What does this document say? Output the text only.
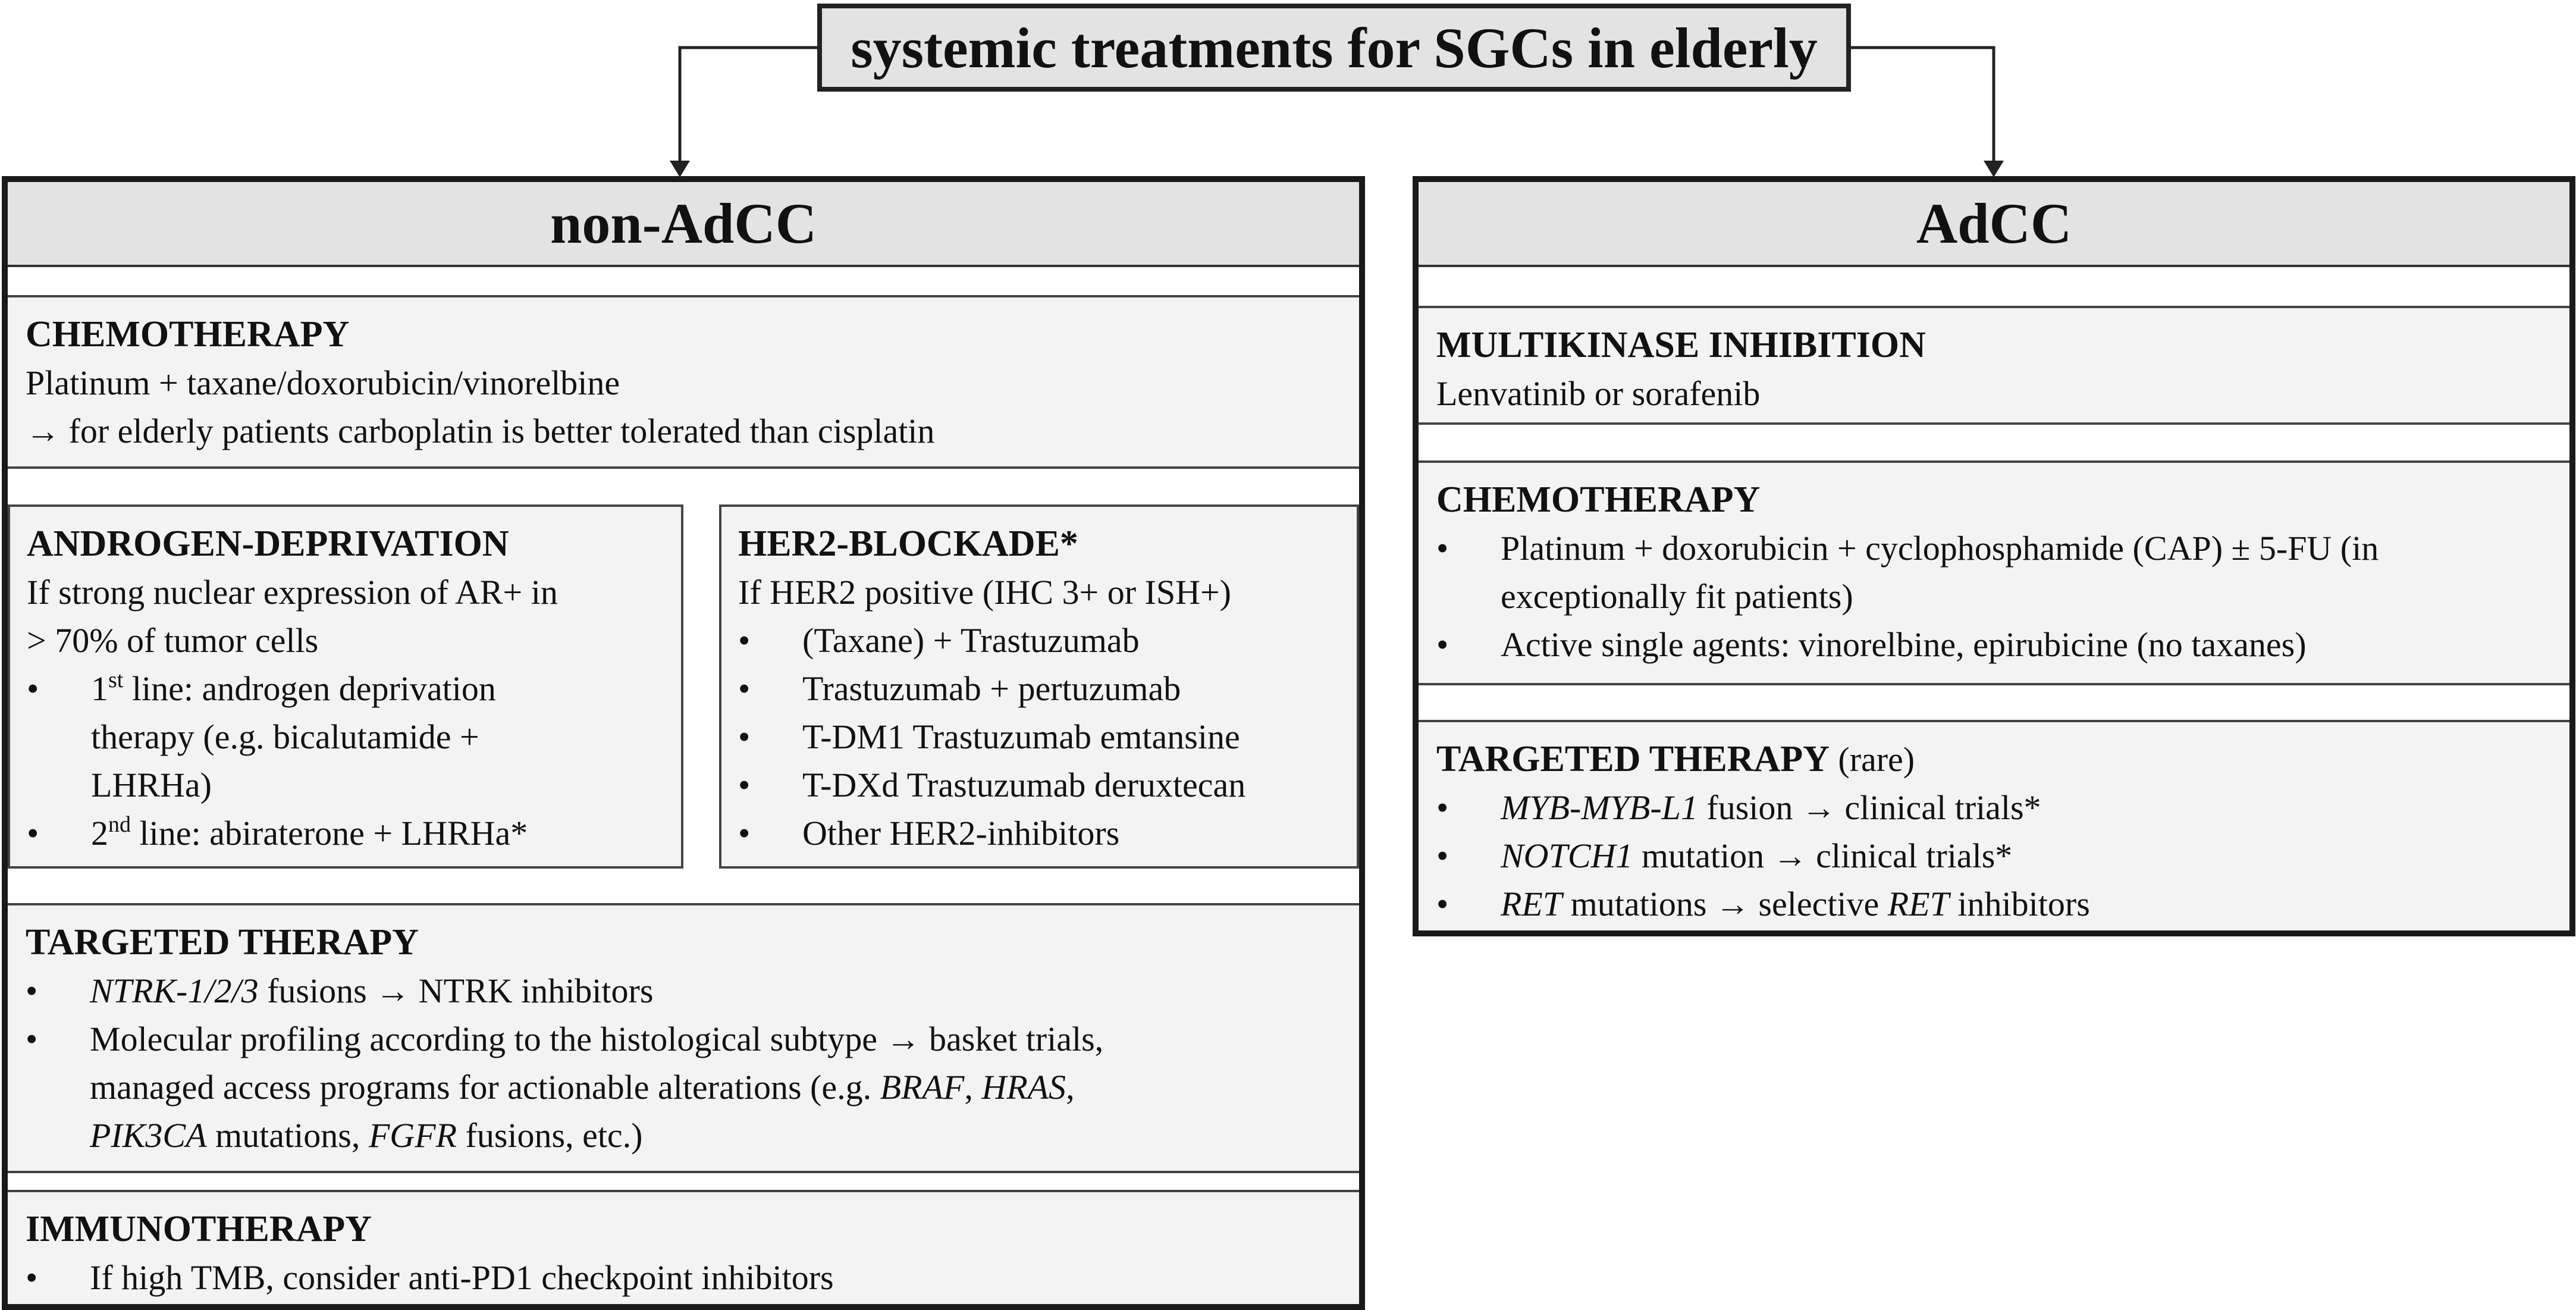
systemic treatments for SGCs in elderly
non-AdCC
CHEMOTHERAPY
Platinum + taxane/doxorubicin/vinorelbine
→ for elderly patients carboplatin is better tolerated than cisplatin
ANDROGEN-DEPRIVATION
If strong nuclear expression of AR+ in
> 70% of tumor cells
• 1st line: androgen deprivation
therapy (e.g. bicalutamide +
LHRHa)
• 2nd line: abiraterone + LHRHa*
HER2-BLOCKADE*
If HER2 positive (IHC 3+ or ISH+)
• (Taxane) + Trastuzumab
• Trastuzumab + pertuzumab
• T-DM1 Trastuzumab emtansine
• T-DXd Trastuzumab deruxtecan
• Other HER2-inhibitors
TARGETED THERAPY
• NTRK-1/2/3 fusions → NTRK inhibitors
• Molecular profiling according to the histological subtype → basket trials,
managed access programs for actionable alterations (e.g. BRAF, HRAS,
PIK3CA mutations, FGFR fusions, etc.)
IMMUNOTHERAPY
• If high TMB, consider anti-PD1 checkpoint inhibitors
AdCC
MULTIKINASE INHIBITION
Lenvatinib or sorafenib
CHEMOTHERAPY
• Platinum + doxorubicin + cyclophosphamide (CAP) ± 5-FU (in
exceptionally fit patients)
• Active single agents: vinorelbine, epirubicine (no taxanes)
TARGETED THERAPY (rare)
• MYB-MYB-L1 fusion → clinical trials*
• NOTCH1 mutation → clinical trials*
• RET mutations → selective RET inhibitors
